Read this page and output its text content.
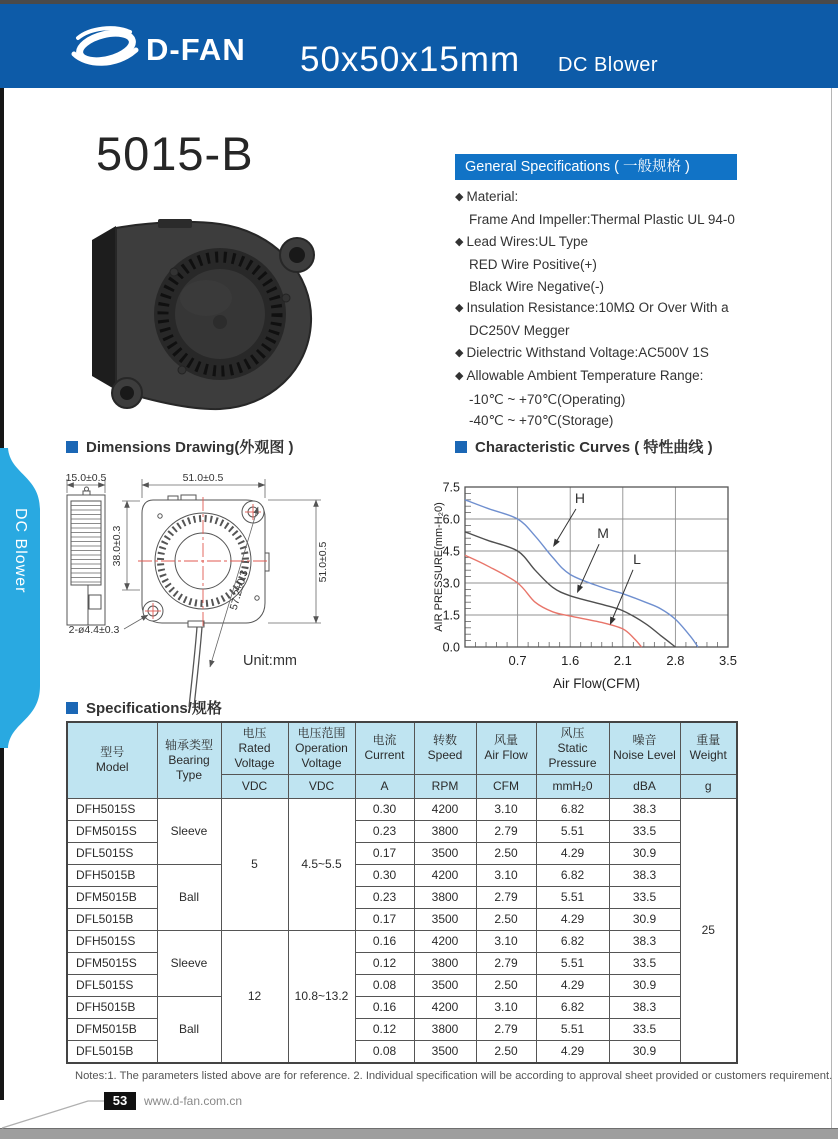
D-FAN 50x50x15mm DC Blower
5015-B	General Specifications ( 一般规格 )
◆ Material:
Frame And Impeller:Thermal Plastic UL 94-0
◆ Lead Wires:UL Type
RED Wire Positive(+)
Black Wire Negative(-)
◆ Insulation Resistance:10MΩ Or Over With a
DC250V Megger
◆ Dielectric Withstand Voltage:AC500V 1S
◆ Allowable Ambient Temperature Range:
-10℃ ~ +70℃(Operating)
-40℃ ~ +70℃(Storage)
Dimensions Drawing(外观图 )	Characteristic Curves ( 特性曲线 )
Specifications/规格
DC Blower
15.0±0.5	51.0±0.5
38.0±0.3	51.0±0.5
57.2±0.3
2-ø4.4±0.3
Unit:mm
H
M
L
0.0
1.5
3.0
4.5
6.0
7.5
0.7	1.6	2.1	2.8	3.5
AIR PRESSURE(mm-H₂0)
Air Flow(CFM)
型号
Model

轴承类型
Bearing Type

电压
Rated Voltage

电压范围
Operation Voltage

电流
Current

转数
Speed

风量
Air Flow

风压
Static Pressure

噪音
Noise Level

重量
Weight

		VDC	VDC	A	RPM	CFM	mmH₂0	dBA	g
DFH5015S	Sleeve	5	4.5~5.5	0.30	4200	3.10	6.82	38.3	25
DFM5015S				0.23	3800	2.79	5.51	33.5	
DFL5015S				0.17	3500	2.50	4.29	30.9	
DFH5015B	Ball			0.30	4200	3.10	6.82	38.3	
DFM5015B				0.23	3800	2.79	5.51	33.5	
DFL5015B				0.17	3500	2.50	4.29	30.9	
DFH5015S	Sleeve	12	10.8~13.2	0.16	4200	3.10	6.82	38.3	
DFM5015S				0.12	3800	2.79	5.51	33.5	
DFL5015S				0.08	3500	2.50	4.29	30.9	
DFH5015B	Ball			0.16	4200	3.10	6.82	38.3	
DFM5015B				0.12	3800	2.79	5.51	33.5	
DFL5015B				0.08	3500	2.50	4.29	30.9	
Notes:1. The parameters listed above are for reference. 2. Individual specification will be according to approval sheet provided or customers requirement.
53	www.d-fan.com.cn
